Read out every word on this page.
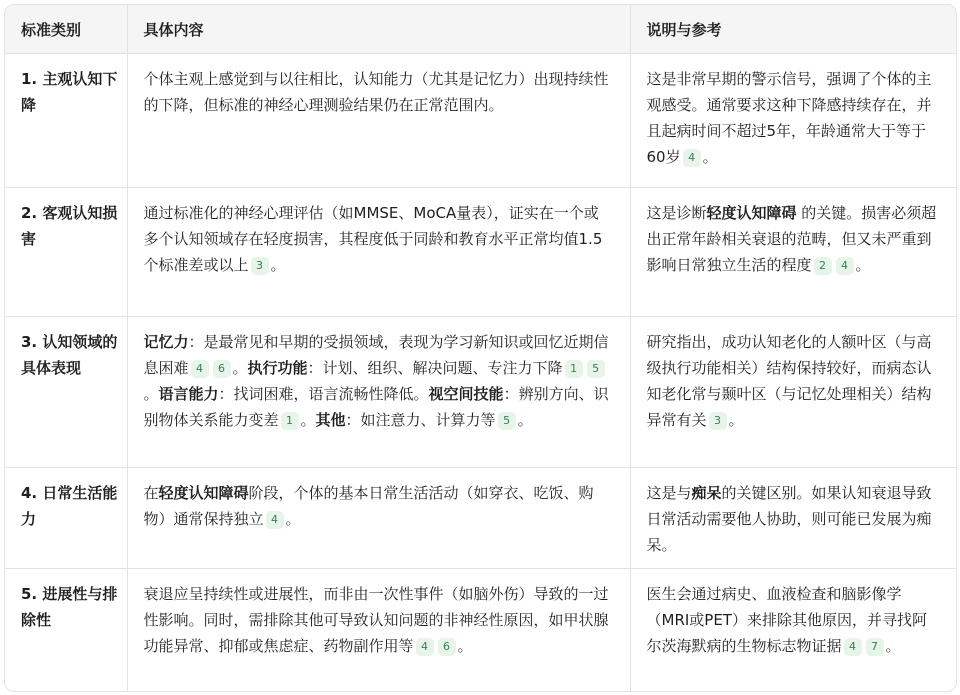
标准类别	具体内容	说明与参考
1. 主观认知下降	个体主观上感觉到与以往相比，认知能力（尤其是记忆力）出现持续性的下降，但标准的神经心理测验结果仍在正常范围内。	这是非常早期的警示信号，强调了个体的主观感受。通常要求这种下降感持续存在，并且起病时间不超过5年，年龄通常大于等于60岁 4 。
2. 客观认知损害	通过标准化的神经心理评估（如MMSE、MoCA量表），证实在一个或多个认知领域存在轻度损害，其程度低于同龄和教育水平正常均值1.5个标准差或以上 3 。	这是诊断轻度认知障碍 的关键。损害必须超出正常年龄相关衰退的范畴，但又未严重到影响日常独立生活的程度 2 4 。
3. 认知领域的具体表现	记忆力：是最常见和早期的受损领域，表现为学习新知识或回忆近期信息困难 4 6 。执行功能：计划、组织、解决问题、专注力下降 1 5。语言能力：找词困难，语言流畅性降低。视空间技能：辨别方向、识别物体关系能力变差 1 。其他：如注意力、计算力等 5 。	研究指出，成功认知老化的人额叶区（与高级执行功能相关）结构保持较好，而病态认知老化常与颞叶区（与记忆处理相关）结构异常有关 3 。
4. 日常生活能力	在轻度认知障碍阶段，个体的基本日常生活活动（如穿衣、吃饭、购物）通常保持独立 4 。	这是与痴呆的关键区别。如果认知衰退导致日常活动需要他人协助，则可能已发展为痴呆。
5. 进展性与排除性	衰退应呈持续性或进展性，而非由一次性事件（如脑外伤）导致的一过性影响。同时，需排除其他可导致认知问题的非神经性原因，如甲状腺功能异常、抑郁或焦虑症、药物副作用等 4 6 。	医生会通过病史、血液检查和脑影像学（MRI或PET）来排除其他原因，并寻找阿尔茨海默病的生物标志物证据 4 7 。
